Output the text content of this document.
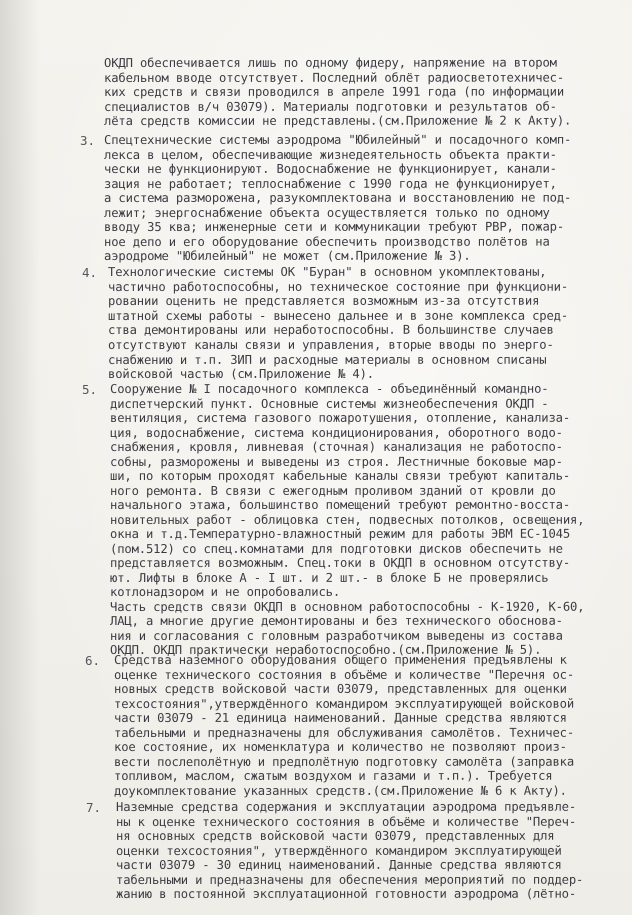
ОКДП обеспечивается лишь по одному фидеру, напряжение на втором
кабельном вводе отсутствует. Последний облёт радиосветотехничес-
ких средств и связи проводился в апреле 1991 года (по информации
специалистов в/ч 03079). Материалы подготовки и результатов об-
лёта средств комиссии не представлены.(см.Приложение № 2 к Акту).
3. Спецтехнические системы аэродрома "Юбилейный" и посадочного комп-
лекса в целом, обеспечивающие жизнедеятельность объекта практи-
чески не функционируют. Водоснабжение не функционирует, канали-
зация не работает; теплоснабжение с 1990 года не функционирует,
а система разморожена, разукомплектована и восстановлению не под-
лежит; энергоснабжение объекта осуществляется только по одному
вводу 35 ква; инженерные сети и коммуникации требуют РВР, пожар-
ное депо и его оборудование обеспечить производство полётов на
аэродроме "Юбилейный" не может (см.Приложение № 3).
4. Технологические системы ОК "Буран" в основном укомплектованы,
частично работоспособны, но техническое состояние при функциони-
ровании оценить не представляется возможным из-за отсутствия
штатной схемы работы - вынесено дальнее и в зоне комплекса сред-
ства демонтированы или неработоспособны. В большинстве случаев
отсутствуют каналы связи и управления, вторые вводы по энерго-
снабжению и т.п. ЗИП и расходные материалы в основном списаны
войсковой частью (см.Приложение № 4).
5. Сооружение № I посадочного комплекса - объединённый командно-
диспетчерский пункт. Основные системы жизнеобеспечения ОКДП -
вентиляция, система газового пожаротушения, отопление, канализа-
ция, водоснабжение, система кондиционирования, оборотного водо-
снабжения, кровля, ливневая (сточная) канализация не работоспо-
собны, разморожены и выведены из строя. Лестничные боковые мар-
ши, по которым проходят кабельные каналы связи требуют капиталь-
ного ремонта. В связи с ежегодным проливом зданий от кровли до
начального этажа, большинство помещений требуют ремонтно-восста-
новительных работ - облицовка стен, подвесных потолков, освещения,
окна и т.д.Температурно-влажностный режим для работы ЭВМ ЕС-1045
(пом.512) со спец.комнатами для подготовки дисков обеспечить не
представляется возможным. Спец.токи в ОКДП в основном отсутству-
ют. Лифты в блоке А - I шт. и 2 шт.- в блоке Б не проверялись
котлонадзором и не опробовались.
Часть средств связи ОКДП в основном работоспособны - К-1920, К-60,
ЛАЦ, а многие другие демонтированы и без технического обоснова-
ния и согласования с головным разработчиком выведены из состава
ОКДП. ОКДП практически неработоспособно.(см.Приложение № 5).
6. Средства наземного оборудования общего применения предъявлены к
оценке технического состояния в объёме и количестве "Перечня ос-
новных средств войсковой части 03079, представленных для оценки
техсостояния",утверждённого командиром эксплуатирующей войсковой
части 03079 - 21 единица наименований. Данные средства являются
табельными и предназначены для обслуживания самолётов. Техничес-
кое состояние, их номенклатура и количество не позволяют произ-
вести послеполётную и предполётную подготовку самолёта (заправка
топливом, маслом, сжатым воздухом и газами и т.п.). Требуется
доукомплектование указанных средств.(см.Приложение № 6 к Акту).
7. Наземные средства содержания и эксплуатации аэродрома предъявле-
ны к оценке технического состояния в объёме и количестве "Переч-
ня основных средств войсковой части 03079, представленных для
оценки техсостояния", утверждённого командиром эксплуатирующей
части 03079 - 30 единиц наименований. Данные средства являются
табельными и предназначены для обеспечения мероприятий по поддер-
жанию в постоянной эксплуатационной готовности аэродрома (лётно-
